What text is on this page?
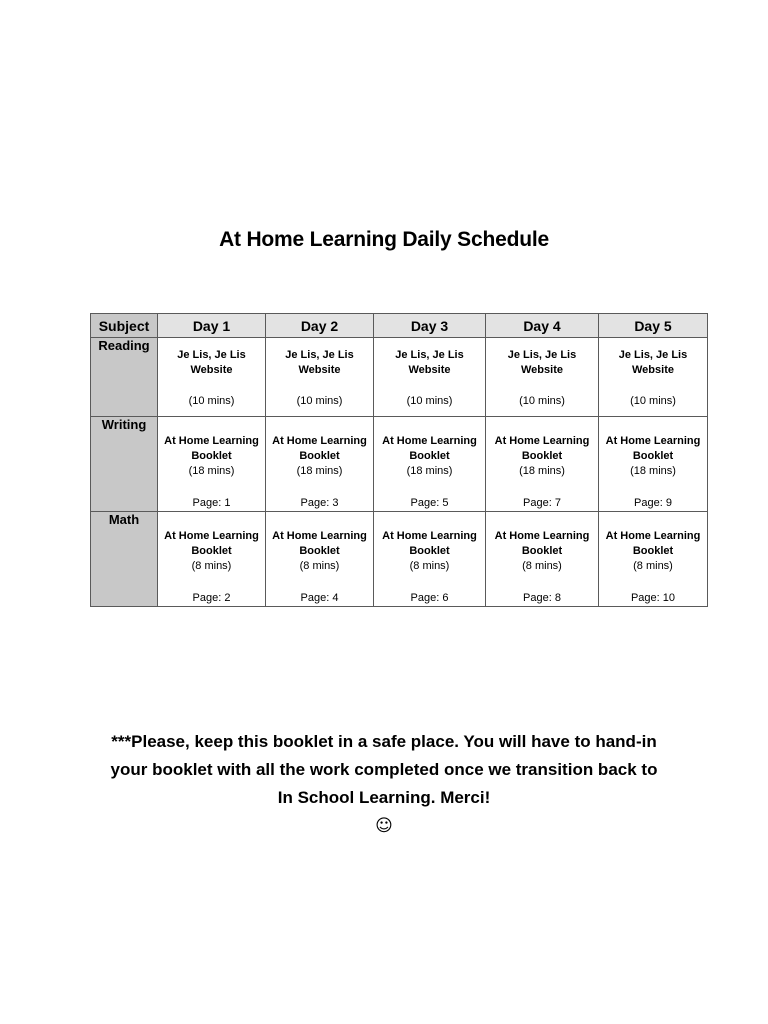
At Home Learning Daily Schedule
Subject	Day 1	Day 2	Day 3	Day 4	Day 5
Reading	Je Lis, Je Lis
Website
(10 mins)	Je Lis, Je Lis
Website
(10 mins)	Je Lis, Je Lis
Website
(10 mins)	Je Lis, Je Lis
Website
(10 mins)	Je Lis, Je Lis
Website
(10 mins)

Writing	At Home Learning
Booklet
(18 mins)
Page: 1	At Home Learning
Booklet
(18 mins)
Page: 3	At Home Learning
Booklet
(18 mins)
Page: 5	At Home Learning
Booklet
(18 mins)
Page: 7	At Home Learning
Booklet
(18 mins)
Page: 9

Math	At Home Learning
Booklet
(8 mins)
Page: 2	At Home Learning
Booklet
(8 mins)
Page: 4	At Home Learning
Booklet
(8 mins)
Page: 6	At Home Learning
Booklet
(8 mins)
Page: 8	At Home Learning
Booklet
(8 mins)
Page: 10
***Please, keep this booklet in a safe place. You will have to hand-in
your booklet with all the work completed once we transition back to
In School Learning. Merci!
☺
